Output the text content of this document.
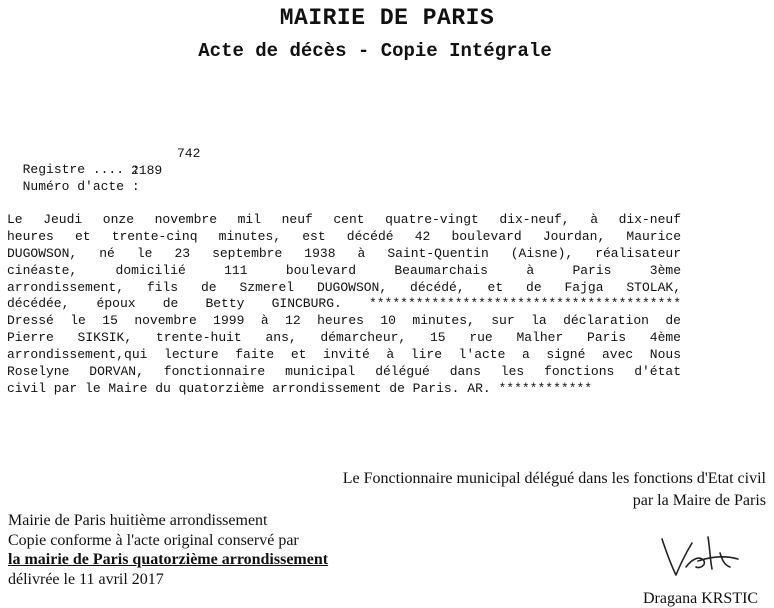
MAIRIE DE PARIS
Acte de décès - Copie Intégrale

Registre .... :

742

Numéro d'acte :

2189

Le Jeudi onze novembre mil neuf cent quatre-vingt dix-neuf, à dix-neuf
heures et trente-cinq minutes, est décédé 42 boulevard Jourdan, Maurice
DUGOWSON, né le 23 septembre 1938 à Saint-Quentin (Aisne), réalisateur
cinéaste, domicilié 111 boulevard Beaumarchais à Paris 3ème
arrondissement, fils de Szmerel DUGOWSON, décédé, et de Fajga STOLAK,
décédée, époux de Betty GINCBURG. ****************************************
Dressé le 15 novembre 1999 à 12 heures 10 minutes, sur la déclaration de
Pierre SIKSIK, trente-huit ans, démarcheur, 15 rue Malher Paris 4ème
arrondissement,qui lecture faite et invité à lire l'acte a signé avec Nous
Roselyne DORVAN, fonctionnaire municipal délégué dans les fonctions d'état
civil par le Maire du quatorzième arrondissement de Paris. AR. ************
Le Fonctionnaire municipal délégué dans les fonctions d'Etat civil
par la Maire de Paris
Mairie de Paris huitième arrondissement
Copie conforme à l'acte original conservé par
la mairie de Paris quatorzième arrondissement
délivrée le 11 avril 2017
Dragana KRSTIC
